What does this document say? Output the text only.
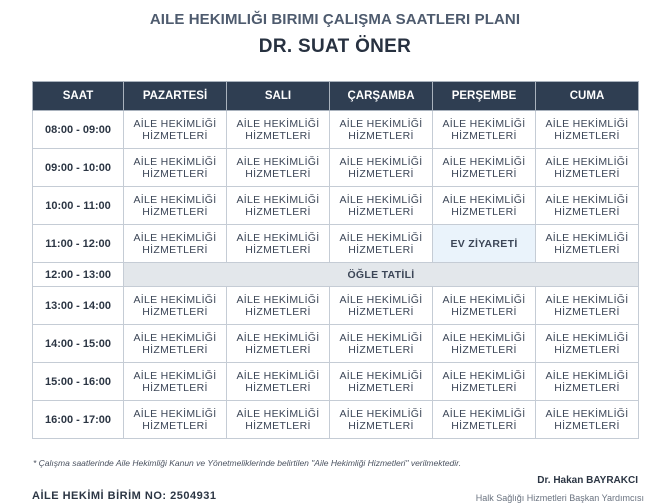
AILE HEKIMLIĞI BIRIMI ÇALIŞMA SAATLERI PLANI
DR. SUAT ÖNER
SAAT	PAZARTESİ	SALI	ÇARŞAMBA	PERŞEMBE	CUMA
08:00 - 09:00	AİLE HEKİMLİĞİ HİZMETLERİ	AİLE HEKİMLİĞİ HİZMETLERİ	AİLE HEKİMLİĞİ HİZMETLERİ	AİLE HEKİMLİĞİ HİZMETLERİ	AİLE HEKİMLİĞİ HİZMETLERİ
09:00 - 10:00	AİLE HEKİMLİĞİ HİZMETLERİ	AİLE HEKİMLİĞİ HİZMETLERİ	AİLE HEKİMLİĞİ HİZMETLERİ	AİLE HEKİMLİĞİ HİZMETLERİ	AİLE HEKİMLİĞİ HİZMETLERİ
10:00 - 11:00	AİLE HEKİMLİĞİ HİZMETLERİ	AİLE HEKİMLİĞİ HİZMETLERİ	AİLE HEKİMLİĞİ HİZMETLERİ	AİLE HEKİMLİĞİ HİZMETLERİ	AİLE HEKİMLİĞİ HİZMETLERİ
11:00 - 12:00	AİLE HEKİMLİĞİ HİZMETLERİ	AİLE HEKİMLİĞİ HİZMETLERİ	AİLE HEKİMLİĞİ HİZMETLERİ	EV ZİYARETİ	AİLE HEKİMLİĞİ HİZMETLERİ
12:00 - 13:00	ÖĞLE TATİLİ				
13:00 - 14:00	AİLE HEKİMLİĞİ HİZMETLERİ	AİLE HEKİMLİĞİ HİZMETLERİ	AİLE HEKİMLİĞİ HİZMETLERİ	AİLE HEKİMLİĞİ HİZMETLERİ	AİLE HEKİMLİĞİ HİZMETLERİ
14:00 - 15:00	AİLE HEKİMLİĞİ HİZMETLERİ	AİLE HEKİMLİĞİ HİZMETLERİ	AİLE HEKİMLİĞİ HİZMETLERİ	AİLE HEKİMLİĞİ HİZMETLERİ	AİLE HEKİMLİĞİ HİZMETLERİ
15:00 - 16:00	AİLE HEKİMLİĞİ HİZMETLERİ	AİLE HEKİMLİĞİ HİZMETLERİ	AİLE HEKİMLİĞİ HİZMETLERİ	AİLE HEKİMLİĞİ HİZMETLERİ	AİLE HEKİMLİĞİ HİZMETLERİ
16:00 - 17:00	AİLE HEKİMLİĞİ HİZMETLERİ	AİLE HEKİMLİĞİ HİZMETLERİ	AİLE HEKİMLİĞİ HİZMETLERİ	AİLE HEKİMLİĞİ HİZMETLERİ	AİLE HEKİMLİĞİ HİZMETLERİ
* Çalışma saatlerinde Aile Hekimliği Kanun ve Yönetmeliklerinde belirtilen "Aile Hekimliği Hizmetleri" verilmektedir.
Dr. Hakan BAYRAKCI
Halk Sağlığı Hizmetleri Başkan Yardımcısı
AİLE HEKİMİ BİRİM NO: 2504931
